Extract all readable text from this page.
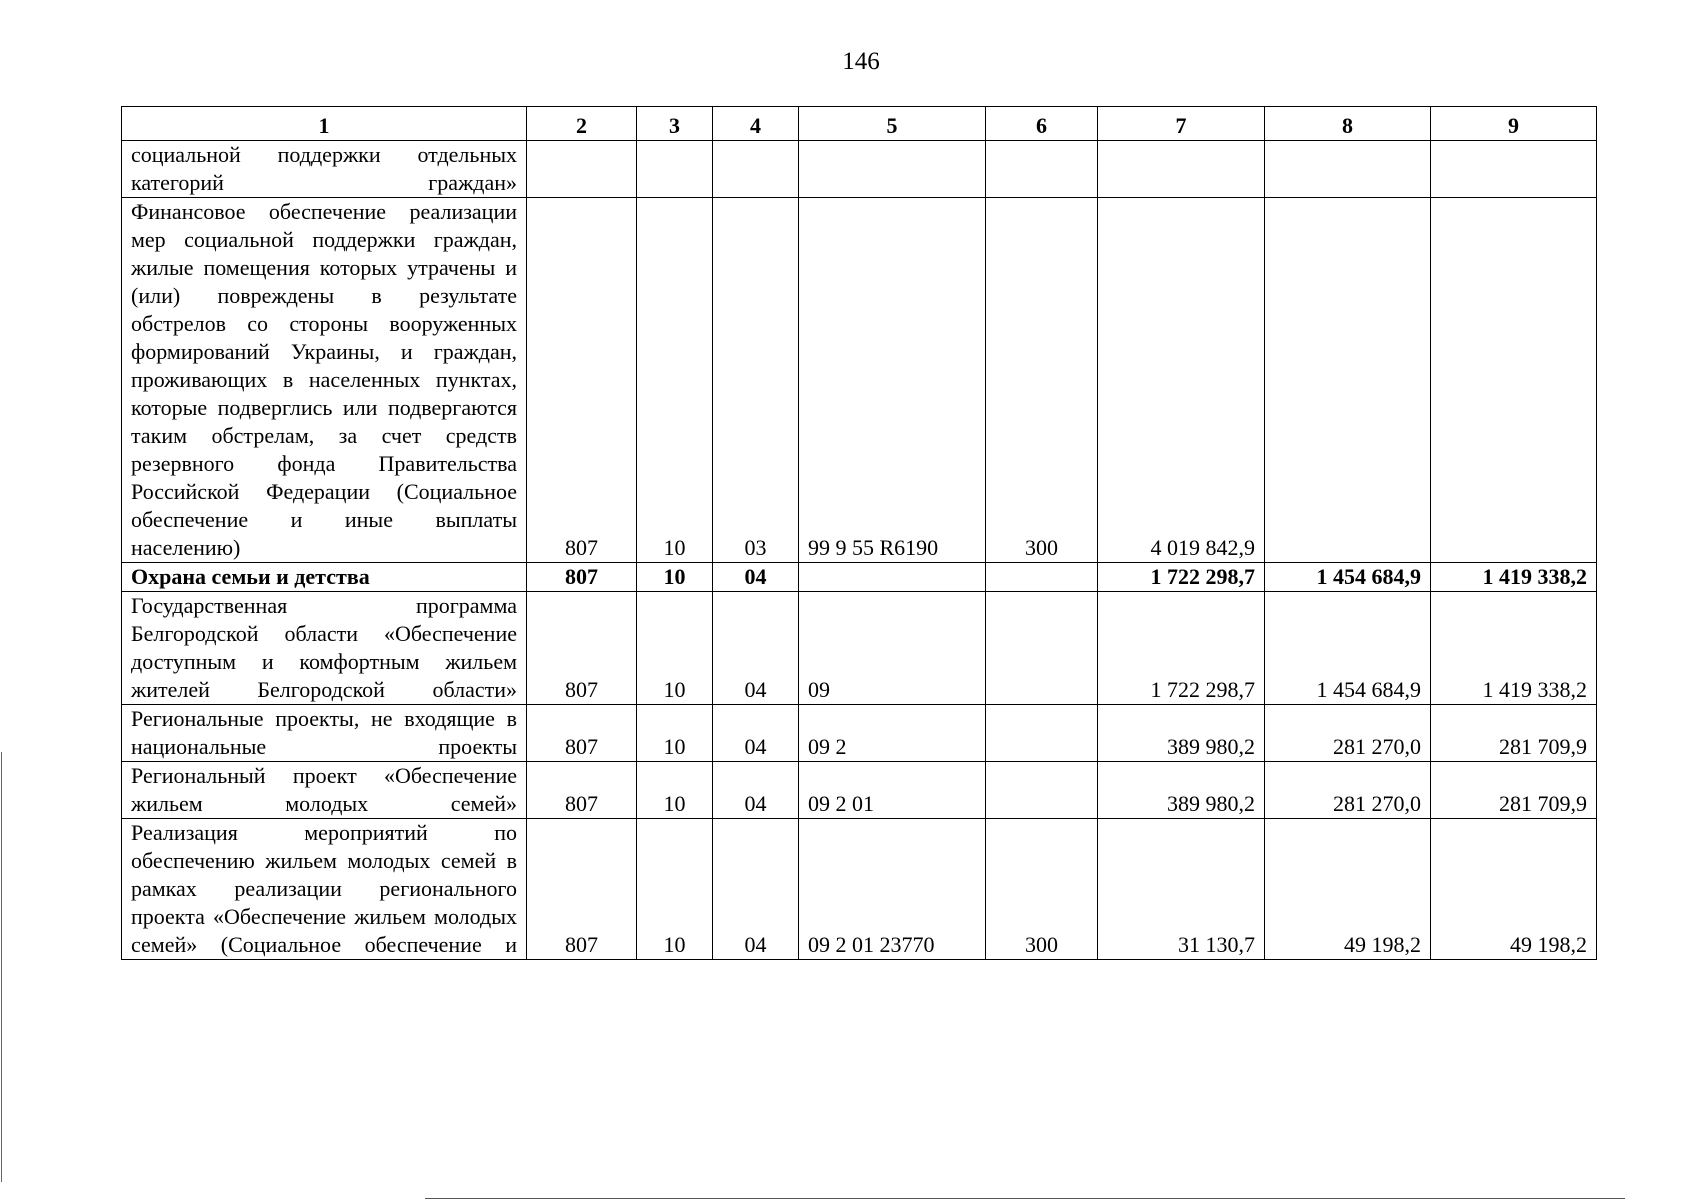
146
1	2	3	4	5	6	7	8	9
социальной поддержки отдельных категорий граждан»								
Финансовое обеспечение реализации мер социальной поддержки граждан, жилые помещения которых утрачены и (или) повреждены в результате обстрелов со стороны вооруженных формирований Украины, и граждан, проживающих в населенных пунктах, которые подверглись или подвергаются таким обстрелам, за счет средств резервного фонда Правительства Российской Федерации (Социальное обеспечение и иные выплаты населению)	807	10	03	99 9 55 R6190	300	4 019 842,9		
Охрана семьи и детства	807	10	04			1 722 298,7	1 454 684,9	1 419 338,2
Государственная программа Белгородской области «Обеспечение доступным и комфортным жильем жителей Белгородской области»	807	10	04	09		1 722 298,7	1 454 684,9	1 419 338,2
Региональные проекты, не входящие в национальные проекты	807	10	04	09 2		389 980,2	281 270,0	281 709,9
Региональный проект «Обеспечение жильем молодых семей»	807	10	04	09 2 01		389 980,2	281 270,0	281 709,9
Реализация мероприятий по обеспечению жильем молодых семей в рамках реализации регионального проекта «Обеспечение жильем молодых семей» (Социальное обеспечение и	807	10	04	09 2 01 23770	300	31 130,7	49 198,2	49 198,2
